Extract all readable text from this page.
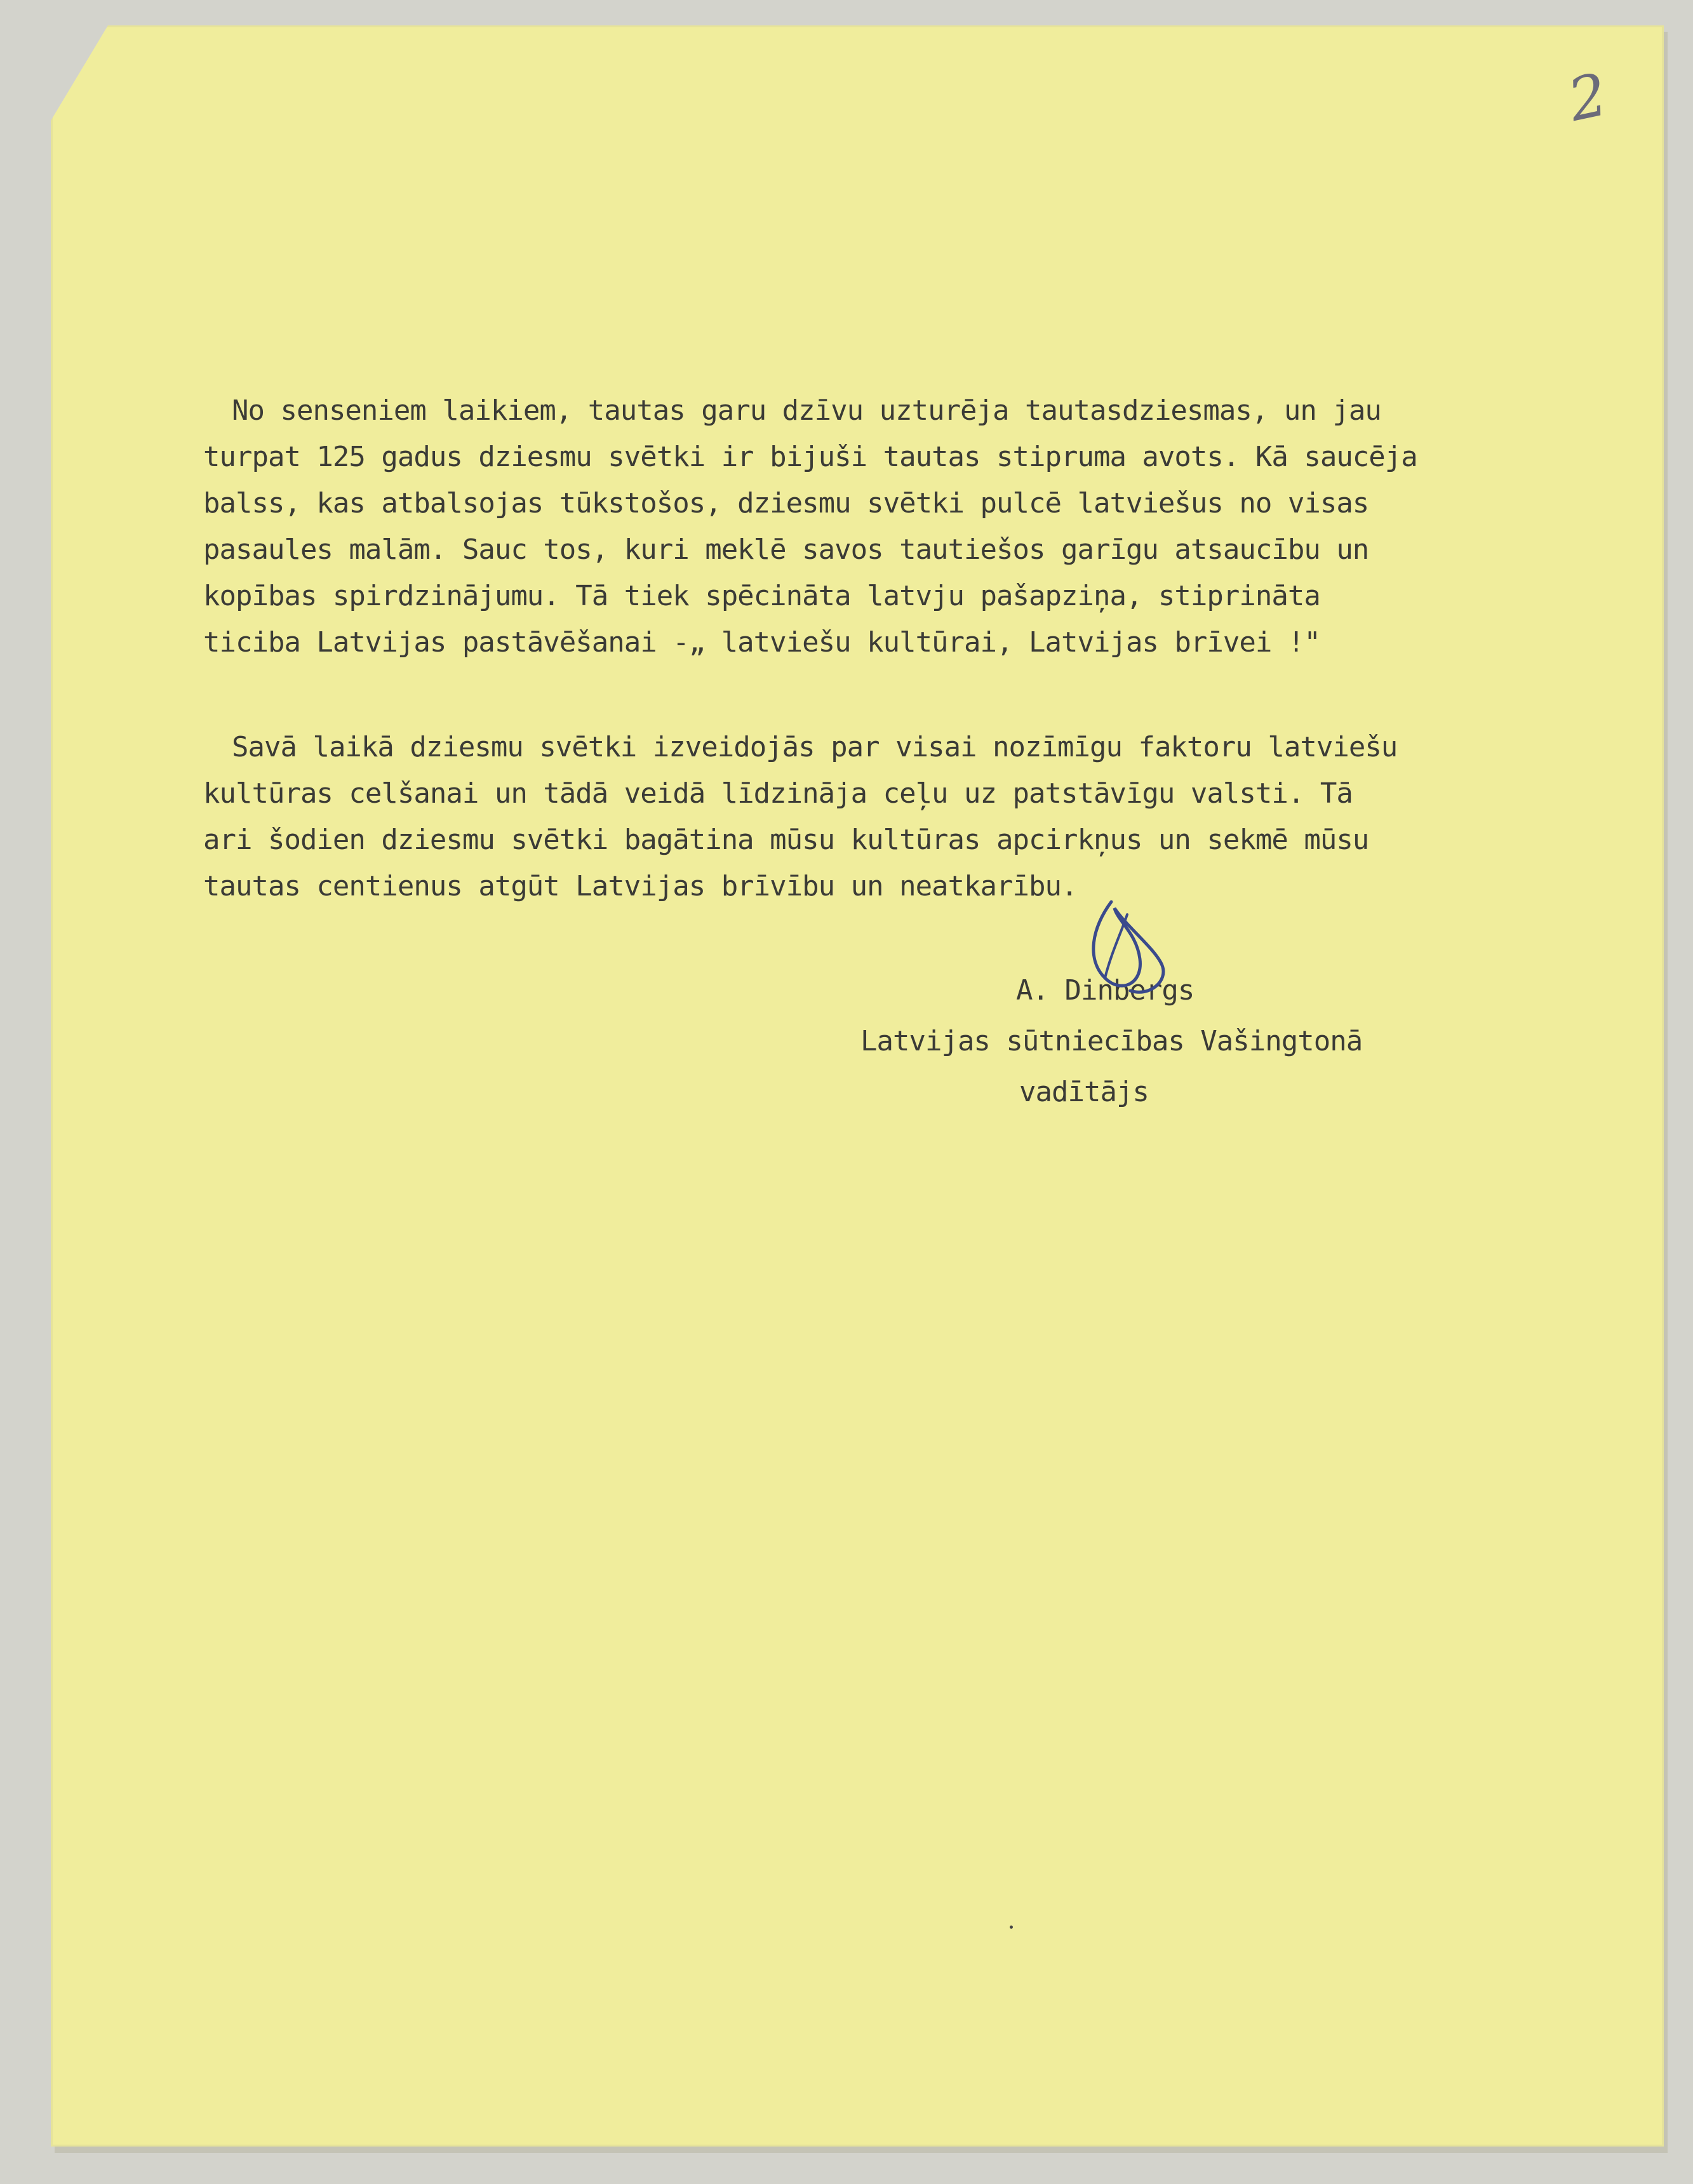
2
No senseniem laikiem, tautas garu dzīvu uzturēja tautasdziesmas, un jau
turpat 125 gadus dziesmu svētki ir bijuši tautas stipruma avots. Kā saucēja
balss, kas atbalsojas tūkstošos, dziesmu svētki pulcē latviešus no visas
pasaules malām. Sauc tos, kuri meklē savos tautiešos garīgu atsaucību un
kopības spirdzinājumu. Tā tiek spēcināta latvju pašapziņa, stiprināta
ticiba Latvijas pastāvēšanai -„ latviešu kultūrai, Latvijas brīvei !"
Savā laikā dziesmu svētki izveidojās par visai nozīmīgu faktoru latviešu
kultūras celšanai un tādā veidā līdzināja ceļu uz patstāvīgu valsti. Tā
ari šodien dziesmu svētki bagātina mūsu kultūras apcirkņus un sekmē mūsu
tautas centienus atgūt Latvijas brīvību un neatkarību.
A. Dinbergs
Latvijas sūtniecības Vašingtonā
vadītājs
